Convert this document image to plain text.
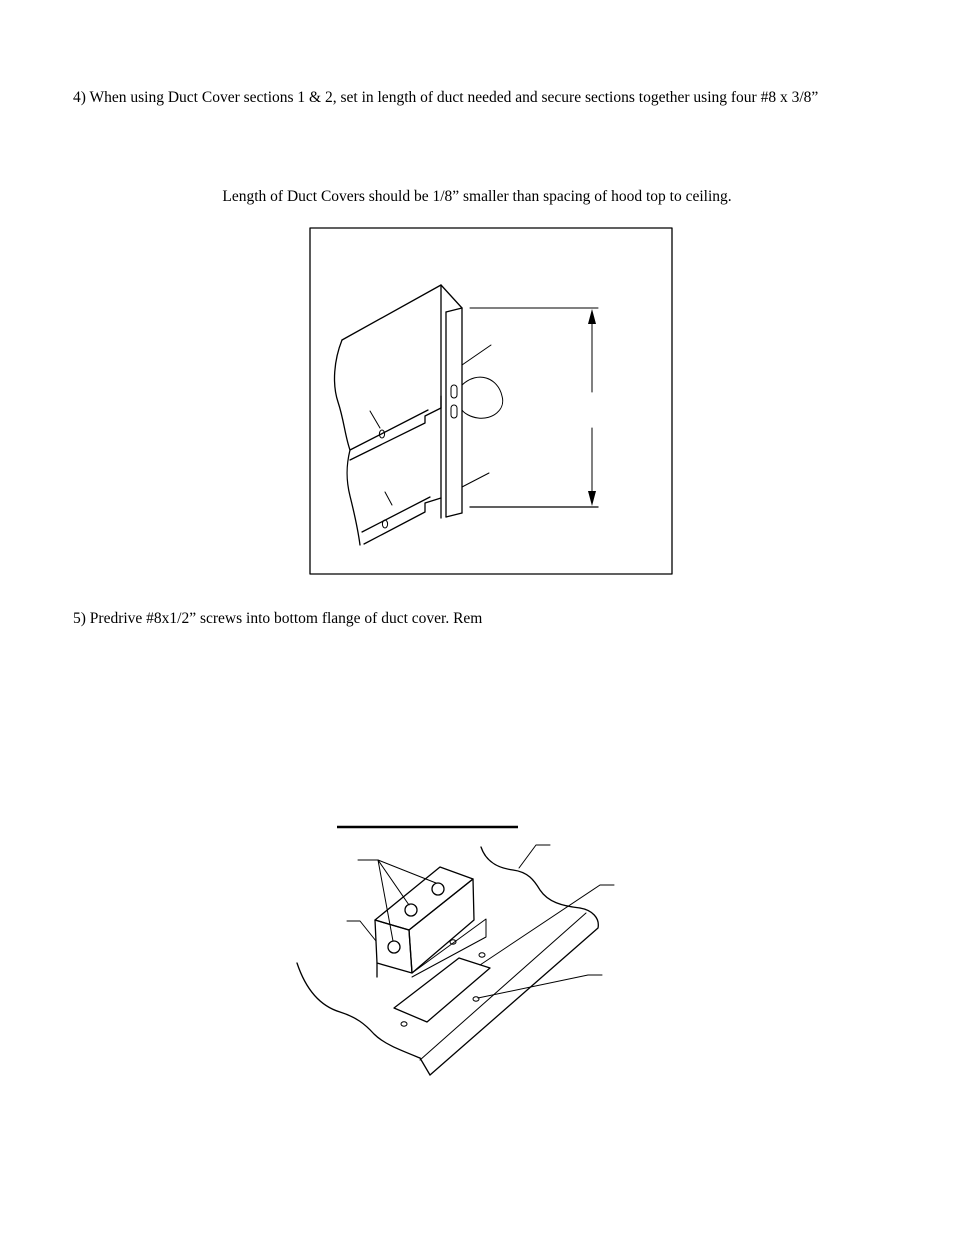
4) When using Duct Cover sections 1 & 2, set in length of duct needed and secure sections together using four #8 x 3/8”
Length of Duct Covers should be 1/8” smaller than spacing of hood top to ceiling.
5) Predrive #8x1/2” screws into bottom flange of duct cover. Rem
